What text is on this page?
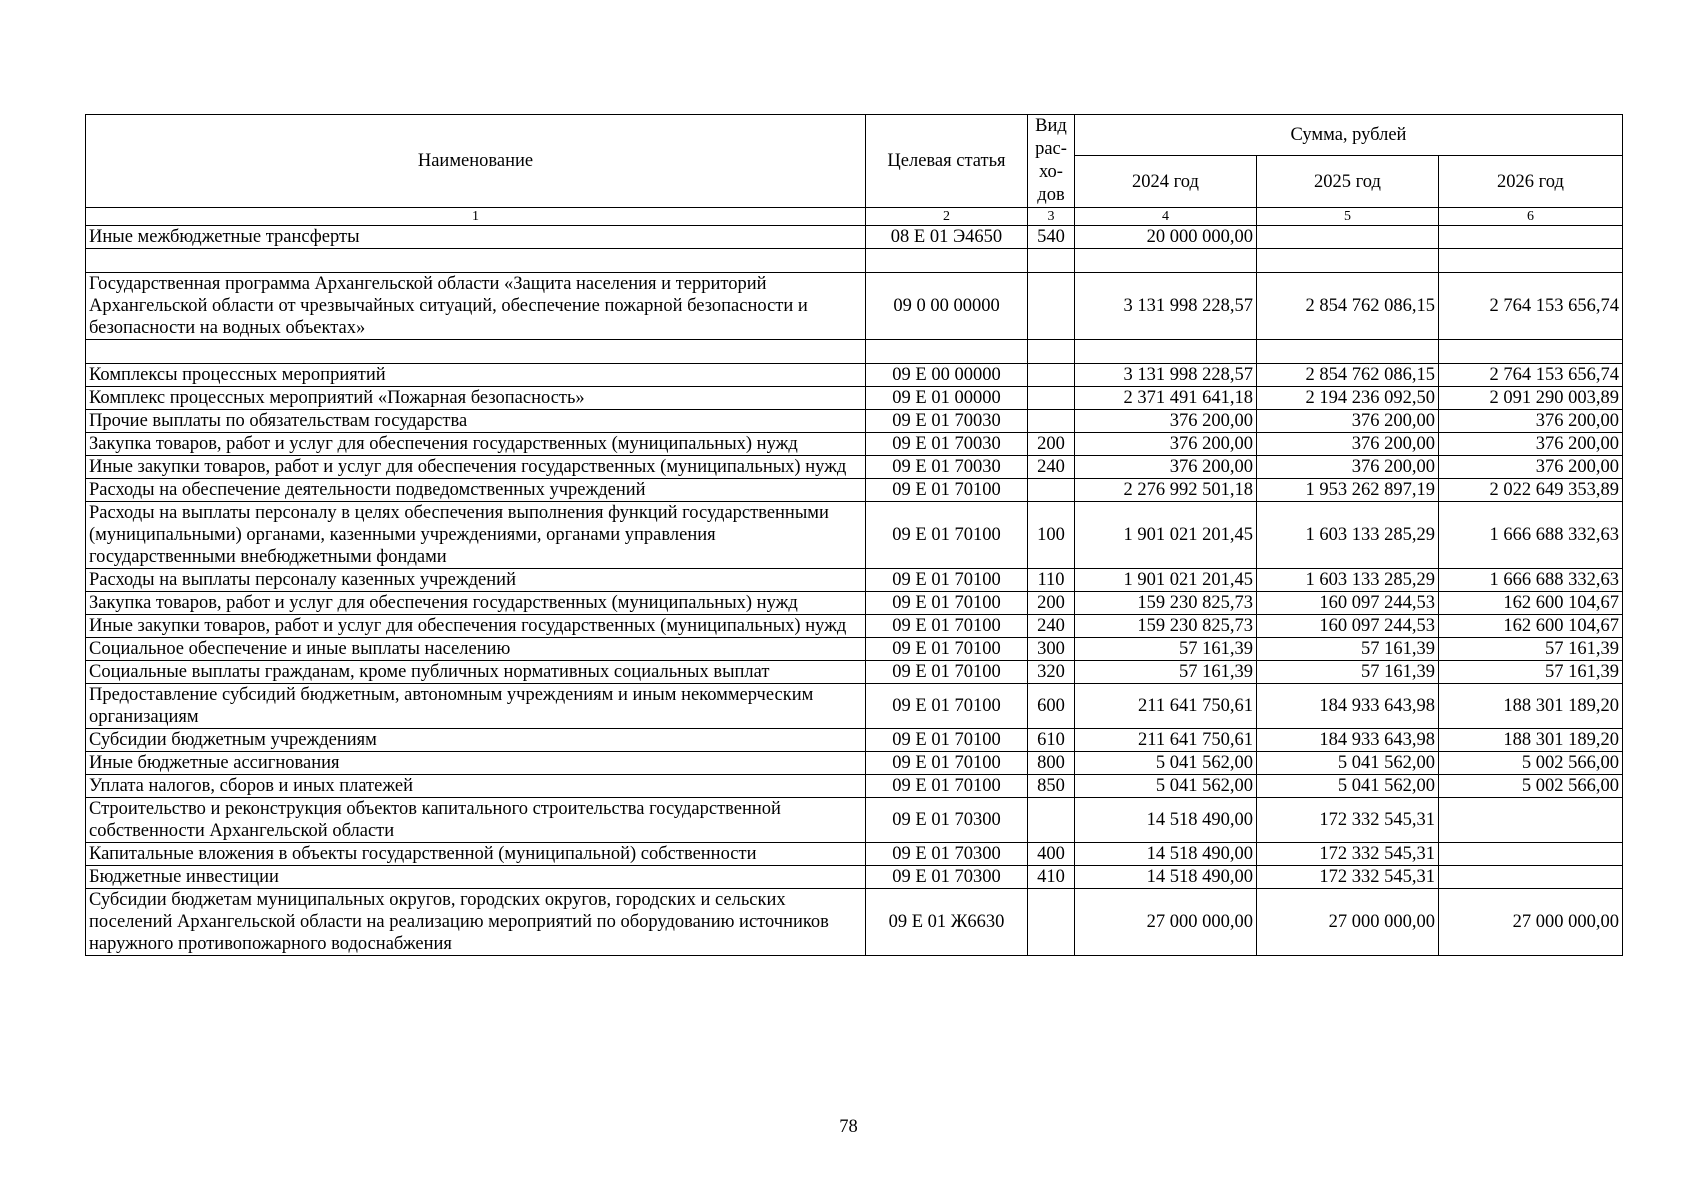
Наименование	Целевая статья	Вид рас-хо-дов	Сумма, рублей		
			2024 год	2025 год	2026 год
1	2	3	4	5	6
Иные межбюджетные трансферты	08 Е 01 Э4650	540	20 000 000,00		

Государственная программа Архангельской области «Защита населения и территорий Архангельской области от чрезвычайных ситуаций, обеспечение пожарной безопасности и безопасности на водных объектах»	09 0 00 00000		3 131 998 228,57	2 854 762 086,15	2 764 153 656,74

Комплексы процессных мероприятий	09 Е 00 00000		3 131 998 228,57	2 854 762 086,15	2 764 153 656,74
Комплекс процессных мероприятий «Пожарная безопасность»	09 Е 01 00000		2 371 491 641,18	2 194 236 092,50	2 091 290 003,89
Прочие выплаты по обязательствам государства	09 Е 01 70030		376 200,00	376 200,00	376 200,00
Закупка товаров, работ и услуг для обеспечения государственных (муниципальных) нужд	09 Е 01 70030	200	376 200,00	376 200,00	376 200,00
Иные закупки товаров, работ и услуг для обеспечения государственных (муниципальных) нужд	09 Е 01 70030	240	376 200,00	376 200,00	376 200,00
Расходы на обеспечение деятельности подведомственных учреждений	09 Е 01 70100		2 276 992 501,18	1 953 262 897,19	2 022 649 353,89
Расходы на выплаты персоналу в целях обеспечения выполнения функций государственными (муниципальными) органами, казенными учреждениями, органами управления государственными внебюджетными фондами	09 Е 01 70100	100	1 901 021 201,45	1 603 133 285,29	1 666 688 332,63
Расходы на выплаты персоналу казенных учреждений	09 Е 01 70100	110	1 901 021 201,45	1 603 133 285,29	1 666 688 332,63
Закупка товаров, работ и услуг для обеспечения государственных (муниципальных) нужд	09 Е 01 70100	200	159 230 825,73	160 097 244,53	162 600 104,67
Иные закупки товаров, работ и услуг для обеспечения государственных (муниципальных) нужд	09 Е 01 70100	240	159 230 825,73	160 097 244,53	162 600 104,67
Социальное обеспечение и иные выплаты населению	09 Е 01 70100	300	57 161,39	57 161,39	57 161,39
Социальные выплаты гражданам, кроме публичных нормативных социальных выплат	09 Е 01 70100	320	57 161,39	57 161,39	57 161,39
Предоставление субсидий бюджетным, автономным учреждениям и иным некоммерческим организациям	09 Е 01 70100	600	211 641 750,61	184 933 643,98	188 301 189,20
Субсидии бюджетным учреждениям	09 Е 01 70100	610	211 641 750,61	184 933 643,98	188 301 189,20
Иные бюджетные ассигнования	09 Е 01 70100	800	5 041 562,00	5 041 562,00	5 002 566,00
Уплата налогов, сборов и иных платежей	09 Е 01 70100	850	5 041 562,00	5 041 562,00	5 002 566,00
Строительство и реконструкция объектов капитального строительства государственной собственности Архангельской области	09 Е 01 70300		14 518 490,00	172 332 545,31	
Капитальные вложения в объекты государственной (муниципальной) собственности	09 Е 01 70300	400	14 518 490,00	172 332 545,31	
Бюджетные инвестиции	09 Е 01 70300	410	14 518 490,00	172 332 545,31	
Субсидии бюджетам муниципальных округов, городских округов, городских и сельских поселений Архангельской области на реализацию мероприятий по оборудованию источников наружного противопожарного водоснабжения	09 Е 01 Ж6630		27 000 000,00	27 000 000,00	27 000 000,00
78
